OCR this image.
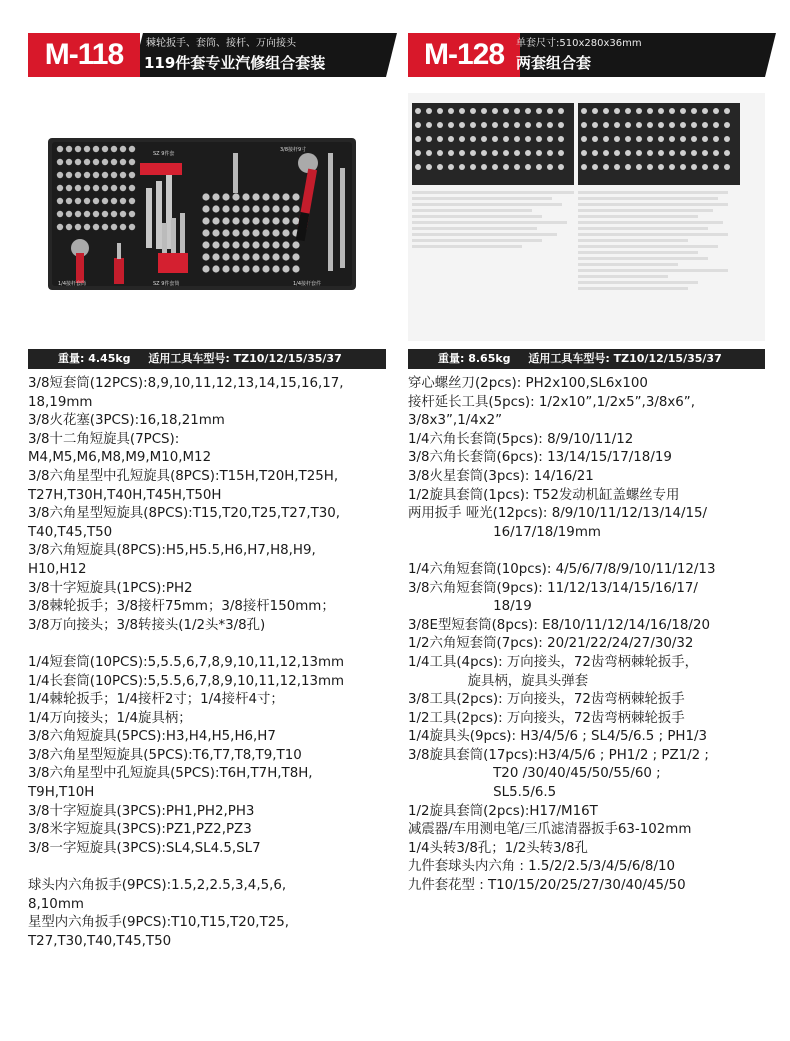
M-118	棘轮扳手、套筒、接杆、万向接头
119件套专业汽修组合套装
SZ 9件套
3/8接杆9寸
1/4接杆套筒	SZ 9件套筒	1/4接杆套件
重量: 4.45kg 适用工具车型号: TZ10/12/15/35/37
3/8短套筒(12PCS):8,9,10,11,12,13,14,15,16,17,
18,19mm
3/8火花塞(3PCS):16,18,21mm
3/8十二角短旋具(7PCS):
M4,M5,M6,M8,M9,M10,M12
3/8六角星型中孔短旋具(8PCS):T15H,T20H,T25H,
T27H,T30H,T40H,T45H,T50H
3/8六角星型短旋具(8PCS):T15,T20,T25,T27,T30,
T40,T45,T50
3/8六角短旋具(8PCS):H5,H5.5,H6,H7,H8,H9,
H10,H12
3/8十字短旋具(1PCS):PH2
3/8棘轮扳手；3/8接杆75mm；3/8接杆150mm；
3/8万向接头；3/8转接头(1/2头*3/8孔)
1/4短套筒(10PCS):5,5.5,6,7,8,9,10,11,12,13mm
1/4长套筒(10PCS):5,5.5,6,7,8,9,10,11,12,13mm
1/4棘轮扳手；1/4接杆2寸；1/4接杆4寸；
1/4万向接头；1/4旋具柄；
3/8六角短旋具(5PCS):H3,H4,H5,H6,H7
3/8六角星型短旋具(5PCS):T6,T7,T8,T9,T10
3/8六角星型中孔短旋具(5PCS):T6H,T7H,T8H,
T9H,T10H
3/8十字短旋具(3PCS):PH1,PH2,PH3
3/8米字短旋具(3PCS):PZ1,PZ2,PZ3
3/8一字短旋具(3PCS):SL4,SL4.5,SL7
球头内六角扳手(9PCS):1.5,2,2.5,3,4,5,6,
8,10mm
星型内六角扳手(9PCS):T10,T15,T20,T25,
T27,T30,T40,T45,T50
M-128	单套尺寸:510x280x36mm
两套组合套
重量: 8.65kg 适用工具车型号: TZ10/12/15/35/37
穿心螺丝刀(2pcs): PH2x100,SL6x100
接杆延长工具(5pcs): 1/2x10”,1/2x5”,3/8x6”,
3/8x3”,1/4x2”
1/4六角长套筒(5pcs): 8/9/10/11/12
3/8六角长套筒(6pcs): 13/14/15/17/18/19
3/8火星套筒(3pcs): 14/16/21
1/2旋具套筒(1pcs): T52发动机缸盖螺丝专用
两用扳手 哑光(12pcs): 8/9/10/11/12/13/14/15/
16/17/18/19mm
1/4六角短套筒(10pcs): 4/5/6/7/8/9/10/11/12/13
3/8六角短套筒(9pcs): 11/12/13/14/15/16/17/
18/19
3/8E型短套筒(8pcs): E8/10/11/12/14/16/18/20
1/2六角短套筒(7pcs): 20/21/22/24/27/30/32
1/4工具(4pcs): 万向接头，72齿弯柄棘轮扳手，
旋具柄，旋具头弹套
3/8工具(2pcs): 万向接头，72齿弯柄棘轮扳手
1/2工具(2pcs): 万向接头，72齿弯柄棘轮扳手
1/4旋具头(9pcs): H3/4/5/6 ; SL4/5/6.5 ; PH1/3
3/8旋具套筒(17pcs):H3/4/5/6 ; PH1/2 ; PZ1/2 ;
T20 /30/40/45/50/55/60 ;
SL5.5/6.5
1/2旋具套筒(2pcs):H17/M16T
减震器/车用测电笔/三爪滤清器扳手63-102mm
1/4头转3/8孔；1/2头转3/8孔
九件套球头内六角 : 1.5/2/2.5/3/4/5/6/8/10
九件套花型 : T10/15/20/25/27/30/40/45/50
